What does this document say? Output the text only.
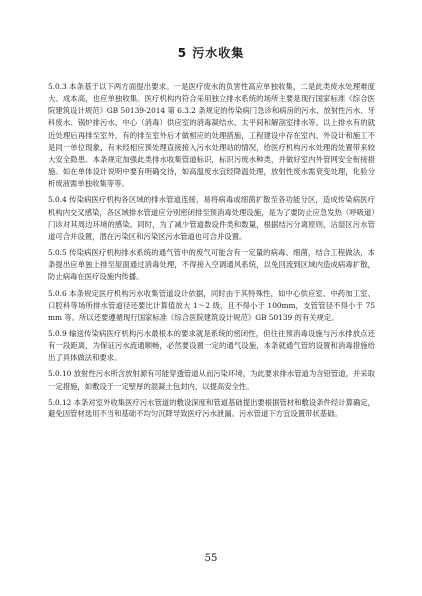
5 污水收集

5.0.3 本条基于以下两方面提出要求。一是医疗废水的负害性高应单独收集，二是此类废水处理难度大、成本高，也应单独收集。医疗机构内符合采用独立排水系统的场所主要是现行国家标准《综合医院建筑设计规范》GB 50139-2014 第 6.3.2 条规定的传染病门急诊和病房的污水、放射性污水、牙科废水、锅炉排污水、中心（消毒）供应室的消毒凝结水、太平间和解剖室排水等。以上排水有的就近处理后再排至室外，有的排至室外后才做相应的处理措施，工程建设中存在室内、外设计和施工不是同一单位现象，有未经相应预处理直接接入污水处理站的情况，给医疗机构污水处理的处置带来较大安全隐患。本条规定加强此类排水收集管道标识，标识污废水种类，并做好室内外管网安全衔接措施。如在单体设计说明中要有明确交待，如高温废水宜经降温处理，放射性废水需衰变处理，化验分析废液需单独收集等等。

5.0.4 传染病医疗机构各区域的排水管道连接，易将病毒或细菌扩散至各功能分区，造成传染病医疗机构内交叉感染，各区域排水管道应分别密闭排至预消毒处理设施，是为了要防止应急发热（呼吸道）门诊对其周边环境的感染。同时，为了减少管道数设件类和数量，根据结污分离原则，沾湿区污水管道可合并设置，潜在污染区和污染区污水管道也可合并设置。

5.0.5 传染病医疗机构排水系统的通气管中的废气可能含有一定量的病毒、细菌，结合工程做法，本条提出应单独上排至屋面通过消毒处理，不得接入空调通风系统，以免回流到区域内造成病毒扩散，防止病毒在医疗设施内传播。

5.0.6 本条规定医疗机构污水收集管道设计依据，同时由于其特殊性，如中心供应室、中药加工室、口腔科等场所排水管道径还要比计算值放大 1～2 级，且不得小于 100mm，支管管径不得小于 75mm 等。所以还要遵循现行国家标准《综合医院建筑设计规范》GB 50139 的有关规定。

5.0.9 输送传染病医疗机构污水最根本的要求就是系统的密闭性，但往往预消毒设施与污水排放点还有一段距离，为保证污水流通顺畅，必然要设置一定的通气设施，本条就通气管的设置和消毒措施给出了具体做法和要求。

5.0.10 放射性污水所含放射源有可能穿透管道从而污染环境，为此要求排水管道为含铅管道，并采取一定措施，如敷设于一定壁厚的混凝土包封内，以提高安全性。

5.0.12 本条对室外收集医疗污水管道的敷设深度和管道基础提出要根据管材和敷设条件经计算确定，避免因管材选用不当和基础不均匀沉降导致医疗污水泄漏。污水管道下方宜设置带状基础。

55
